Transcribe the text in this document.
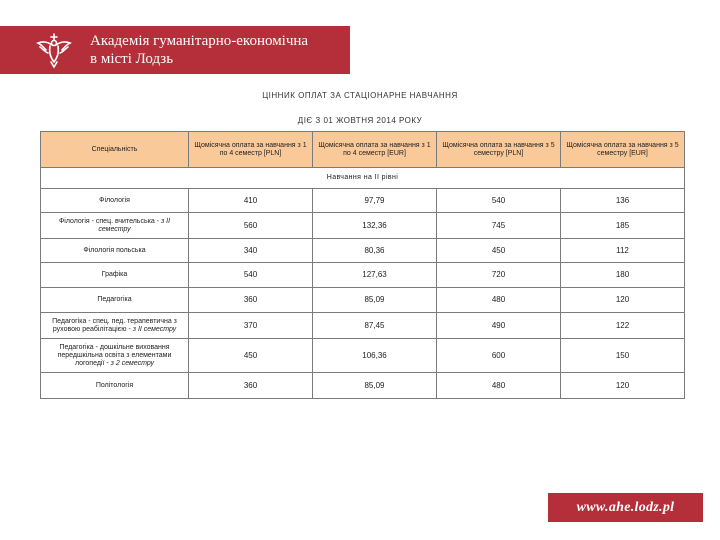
Академія гуманітарно-економічна
в місті Лодзь
ЦІННИК ОПЛАТ ЗА СТАЦІОНАРНЕ НАВЧАННЯ
ДІЄ З 01 ЖОВТНЯ 2014 РОКУ
Спеціальність	Щомісячна оплата за навчання з 1 по 4 семестр [PLN]	Щомісячна оплата за навчання з 1 по 4 семестр [EUR]	Щомісячна оплата за навчання з 5 семестру [PLN]	Щомісячна оплата за навчання з 5 семестру [EUR]
Навчання на II рівні				
Філологія	410	97,79	540	136
Філологія - спец. вчительська - з II семестру	560	132,36	745	185
Філологія польська	340	80,36	450	112
Графіка	540	127,63	720	180
Педагогіка	360	85,09	480	120
Педагогіка - спец. пед. терапевтична з руховою реабілітацією - з II семестру	370	87,45	490	122
Педагогіка - дошкільне виховання передшкільна освіта з елементами логопедії - з 2 семестру	450	106,36	600	150
Політологія	360	85,09	480	120
www.ahe.lodz.pl
